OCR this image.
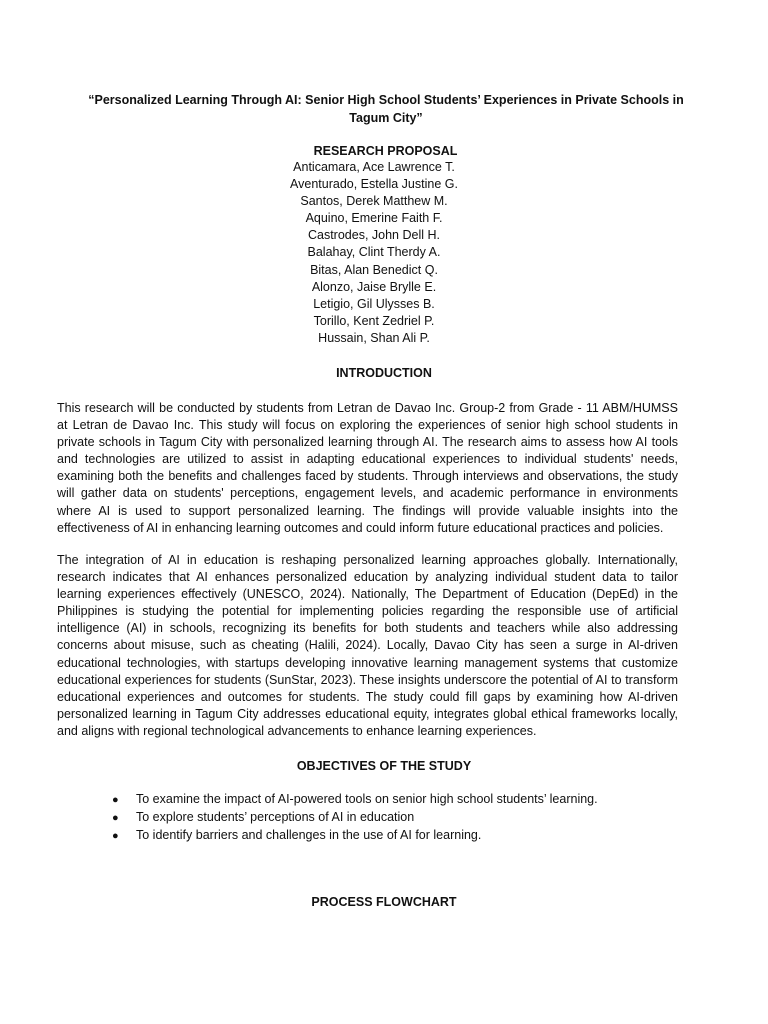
“Personalized Learning Through AI: Senior High School Students’ Experiences in Private Schools in Tagum City”
RESEARCH PROPOSAL
Anticamara, Ace Lawrence T.
Aventurado, Estella Justine G.
Santos, Derek Matthew M.
Aquino, Emerine Faith F.
Castrodes, John Dell H.
Balahay, Clint Therdy A.
Bitas, Alan Benedict Q.
Alonzo, Jaise Brylle E.
Letigio, Gil Ulysses B.
Torillo, Kent Zedriel P.
Hussain, Shan Ali P.
INTRODUCTION

This research will be conducted by students from Letran de Davao Inc. Group-2 from Grade - 11 ABM/HUMSS at Letran de Davao Inc. This study will focus on exploring the experiences of senior high school students in private schools in Tagum City with personalized learning through AI. The research aims to assess how AI tools and technologies are utilized to assist in adapting educational experiences to individual students' needs, examining both the benefits and challenges faced by students. Through interviews and observations, the study will gather data on students' perceptions, engagement levels, and academic performance in environments where AI is used to support personalized learning. The findings will provide valuable insights into the effectiveness of AI in enhancing learning outcomes and could inform future educational practices and policies.

The integration of AI in education is reshaping personalized learning approaches globally. Internationally, research indicates that AI enhances personalized education by analyzing individual student data to tailor learning experiences effectively (UNESCO, 2024). Nationally, The Department of Education (DepEd) in the Philippines is studying the potential for implementing policies regarding the responsible use of artificial intelligence (AI) in schools, recognizing its benefits for both students and teachers while also addressing concerns about misuse, such as cheating (Halili, 2024). Locally, Davao City has seen a surge in AI-driven educational technologies, with startups developing innovative learning management systems that customize educational experiences for students (SunStar, 2023). These insights underscore the potential of AI to transform educational experiences and outcomes for students. The study could fill gaps by examining how AI-driven personalized learning in Tagum City addresses educational equity, integrates global ethical frameworks locally, and aligns with regional technological advancements to enhance learning experiences.

OBJECTIVES OF THE STUDY
●	To examine the impact of AI-powered tools on senior high school students’ learning.
●	To explore students’ perceptions of AI in education
●	To identify barriers and challenges in the use of AI for learning.
PROCESS FLOWCHART
